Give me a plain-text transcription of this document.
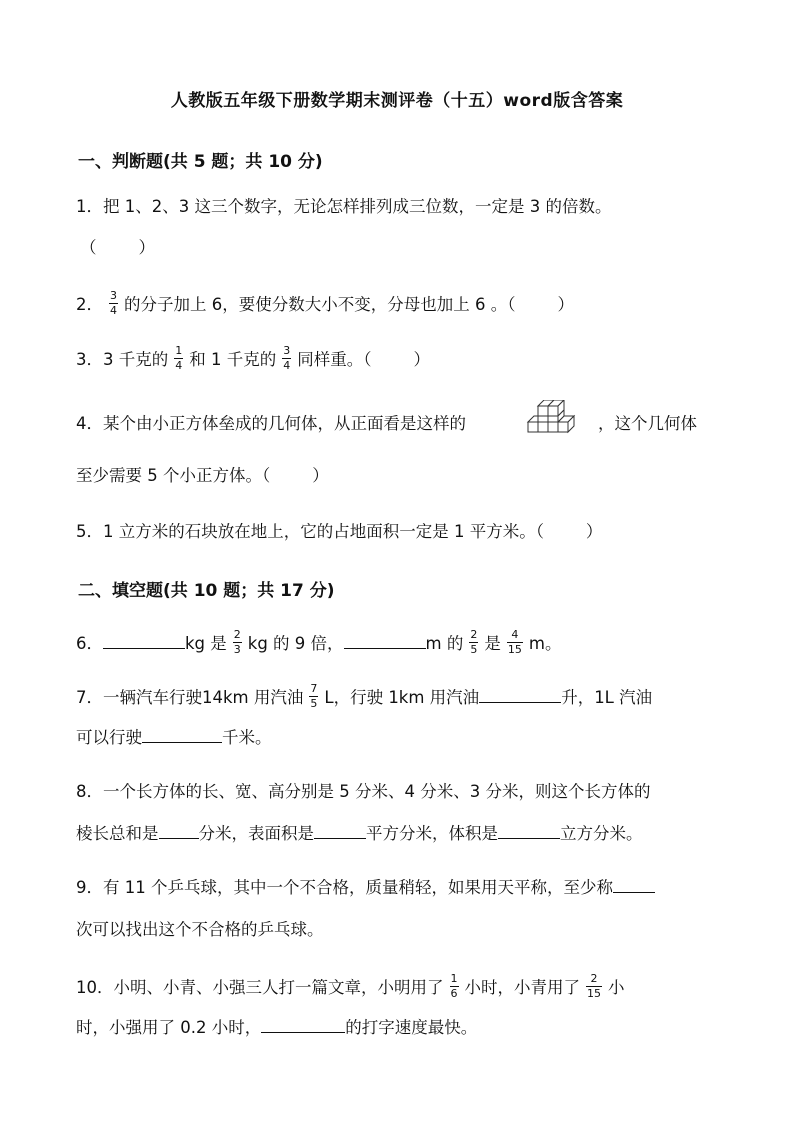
人教版五年级下册数学期末测评卷（十五）word版含答案
一、判断题(共 5 题；共 10 分)
1．把 1、2、3 这三个数字，无论怎样排列成三位数，一定是 3 的倍数。
（        ）
2． $\frac{3}{4}$ 的分子加上 6，要使分数大小不变，分母也加上 6 。（        ）
3．3 千克的 $\frac{1}{4}$ 和 1 千克的 $\frac{3}{4}$ 同样重。（        ）
4．某个由小正方体垒成的几何体，从正面看是这样的	，这个几何体
至少需要 5 个小正方体。（        ）
5．1 立方米的石块放在地上，它的占地面积一定是 1 平方米。（        ）
二、填空题(共 10 题；共 17 分)
6．	kg 是 $\frac{2}{3}$ kg 的 9 倍，	m 的 $\frac{2}{5}$ 是 $\frac{4}{15}$ m。
7．一辆汽车行驶14km 用汽油 $\frac{7}{5}$ L，行驶 1km 用汽油	升，1L 汽油
可以行驶	千米。
8．一个长方体的长、宽、高分别是 5 分米、4 分米、3 分米，则这个长方体的
棱长总和是 分米，表面积是	平方分米，体积是	立方分米。
9．有 11 个乒乓球，其中一个不合格，质量稍轻，如果用天平称，至少称
次可以找出这个不合格的乒乓球。
10．小明、小青、小强三人打一篇文章，小明用了 $\frac{1}{6}$ 小时，小青用了 $\frac{2}{15}$ 小
时，小强用了 0.2 小时，	的打字速度最快。
